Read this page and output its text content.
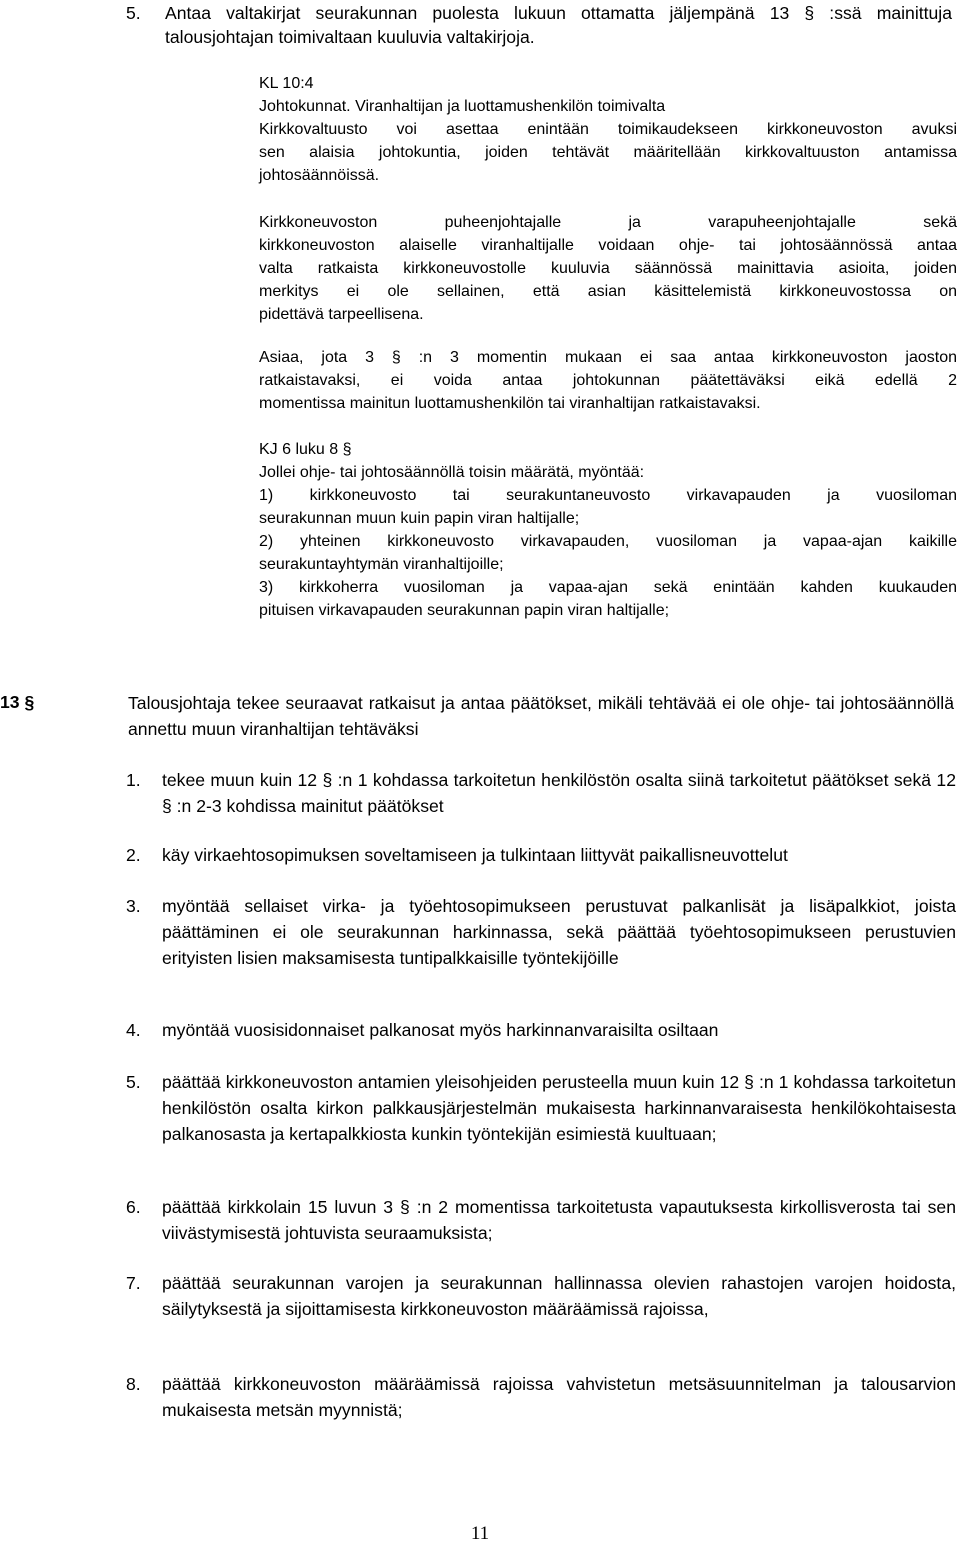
5. Antaa valtakirjat seurakunnan puolesta lukuun ottamatta jäljempänä 13 § :ssä mainittuja talousjohtajan toimivaltaan kuuluvia valtakirjoja.
KL 10:4
Johtokunnat. Viranhaltijan ja luottamushenkilön toimivalta
Kirkkovaltuusto voi asettaa enintään toimikaudekseen kirkkoneuvoston avuksi
sen alaisia johtokuntia, joiden tehtävät määritellään kirkkovaltuuston antamissa
johtosäännöissä.
Kirkkoneuvoston puheenjohtajalle ja varapuheenjohtajalle sekä
kirkkoneuvoston alaiselle viranhaltijalle voidaan ohje- tai johtosäännössä antaa
valta ratkaista kirkkoneuvostolle kuuluvia säännössä mainittavia asioita, joiden
merkitys ei ole sellainen, että asian käsittelemistä kirkkoneuvostossa on
pidettävä tarpeellisena.
Asiaa, jota 3 § :n 3 momentin mukaan ei saa antaa kirkkoneuvoston jaoston
ratkaistavaksi, ei voida antaa johtokunnan päätettäväksi eikä edellä 2
momentissa mainitun luottamushenkilön tai viranhaltijan ratkaistavaksi.
KJ 6 luku 8 §
Jollei ohje- tai johtosäännöllä toisin määrätä, myöntää:
1) kirkkoneuvosto tai seurakuntaneuvosto virkavapauden ja vuosiloman
seurakunnan muun kuin papin viran haltijalle;
2) yhteinen kirkkoneuvosto virkavapauden, vuosiloman ja vapaa-ajan kaikille
seurakuntayhtymän viranhaltijoille;
3) kirkkoherra vuosiloman ja vapaa-ajan sekä enintään kahden kuukauden
pituisen virkavapauden seurakunnan papin viran haltijalle;
13 §	Talousjohtaja tekee seuraavat ratkaisut ja antaa päätökset, mikäli tehtävää ei ole ohje- tai johtosäännöllä annettu muun viranhaltijan tehtäväksi
1. tekee muun kuin 12 § :n 1 kohdassa tarkoitetun henkilöstön osalta siinä tarkoitetut päätökset sekä 12 § :n 2-3 kohdissa mainitut päätökset
2. käy virkaehtosopimuksen soveltamiseen ja tulkintaan liittyvät paikallisneuvottelut
3. myöntää sellaiset virka- ja työehtosopimukseen perustuvat palkanlisät ja lisäpalkkiot, joista päättäminen ei ole seurakunnan harkinnassa, sekä päättää työehtosopimukseen perustuvien erityisten lisien maksamisesta tuntipalkkaisille työntekijöille
4. myöntää vuosisidonnaiset palkanosat myös harkinnanvaraisilta osiltaan
5. päättää kirkkoneuvoston antamien yleisohjeiden perusteella muun kuin 12 § :n 1 kohdassa tarkoitetun henkilöstön osalta kirkon palkkausjärjestelmän mukaisesta harkinnanvaraisesta henkilökohtaisesta palkanosasta ja kertapalkkiosta kunkin työntekijän esimiestä kuultuaan;
6. päättää kirkkolain 15 luvun 3 § :n 2 momentissa tarkoitetusta vapautuksesta kirkollisverosta tai sen viivästymisestä johtuvista seuraamuksista;
7. päättää seurakunnan varojen ja seurakunnan hallinnassa olevien rahastojen varojen hoidosta, säilytyksestä ja sijoittamisesta kirkkoneuvoston määräämissä rajoissa,
8. päättää kirkkoneuvoston määräämissä rajoissa vahvistetun metsäsuunnitelman ja talousarvion mukaisesta metsän myynnistä;
11
